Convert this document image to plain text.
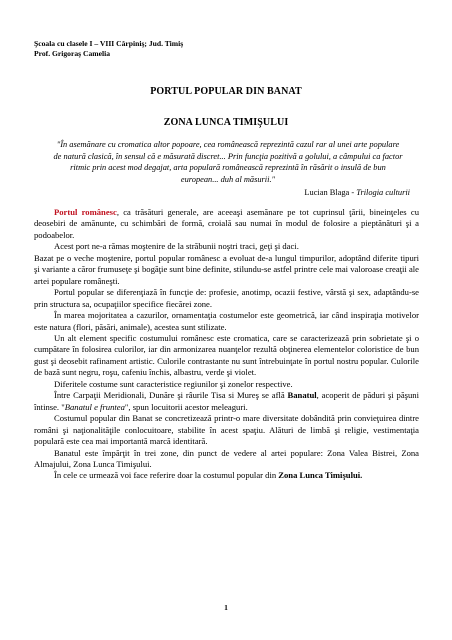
Şcoala cu clasele I – VIII Cărpiniş; Jud. Timiş
Prof. Grigoraş Camelia
PORTUL POPULAR DIN BANAT
ZONA LUNCA TIMIŞULUI
"În asemănare cu cromatica altor popoare, cea românească reprezintă cazul rar al unei arte populare de natură clasică, în sensul că e măsurată discret... Prin funcţia pozitivă a golului, a câmpului ca factor ritmic prin acest mod degajat, arta populară românească reprezintă în răsărit o insulă de bun european... duh al măsurii."
Lucian Blaga - Trilogia culturii

Portul românesc, ca trăsături generale, are aceeaşi asemănare pe tot cuprinsul ţării, bineinţeles cu deosebiri de amănunte, cu schimbări de formă, croială sau numai în modul de folosire a pieptănături şi a podoabelor.

Acest port ne-a rămas moştenire de la străbunii noştri traci, geţi şi daci.

Bazat pe o veche moştenire, portul popular românesc a evoluat de-a lungul timpurilor, adoptând diferite tipuri şi variante a căror frumuseţe şi bogăţie sunt bine definite, stilundu-se astfel printre cele mai valoroase creaţii ale artei populare româneşti.

Portul popular se diferenţiază în funcţie de: profesie, anotimp, ocazii festive, vârstă şi sex, adaptându-se prin structura sa, ocupaţiilor specifice fiecărei zone.

În marea mojoritatea a cazurilor, ornamentaţia costumelor este geometrică, iar când inspiraţia motivelor este natura (flori, păsări, animale), acestea sunt stilizate.

Un alt element specific costumului românesc este cromatica, care se caracterizează prin sobrietate şi o cumpătare în folosirea culorilor, iar din armonizarea nuanţelor rezultă obţinerea elementelor coloristice de bun gust şi deosebit rafinament artistic. Culorile contrastante nu sunt întrebuinţate în portul nostru popular. Culorile de bază sunt negru, roşu, cafeniu închis, albastru, verde şi violet.

Diferitele costume sunt caracteristice regiunilor şi zonelor respective.

Între Carpaţii Meridionali, Dunăre şi râurile Tisa si Mureş se află Banatul, acoperit de păduri şi păşuni întinse. "Banatul e fruntea", spun locuitorii acestor meleaguri.

Costumul popular din Banat se concretizează printr-o mare diversitate dobândită prin convieţuirea dintre români şi naţionalităţile conlocuitoare, stabilite în acest spaţiu. Alături de limbă şi religie, vestimentaţia populară este cea mai importantă marcă identitară.

Banatul este împărţit în trei zone, din punct de vedere al artei populare: Zona Valea Bistrei, Zona Almajului, Zona Lunca Timişului.

În cele ce urmează voi face referire doar la costumul popular din Zona Lunca Timişului.

1
